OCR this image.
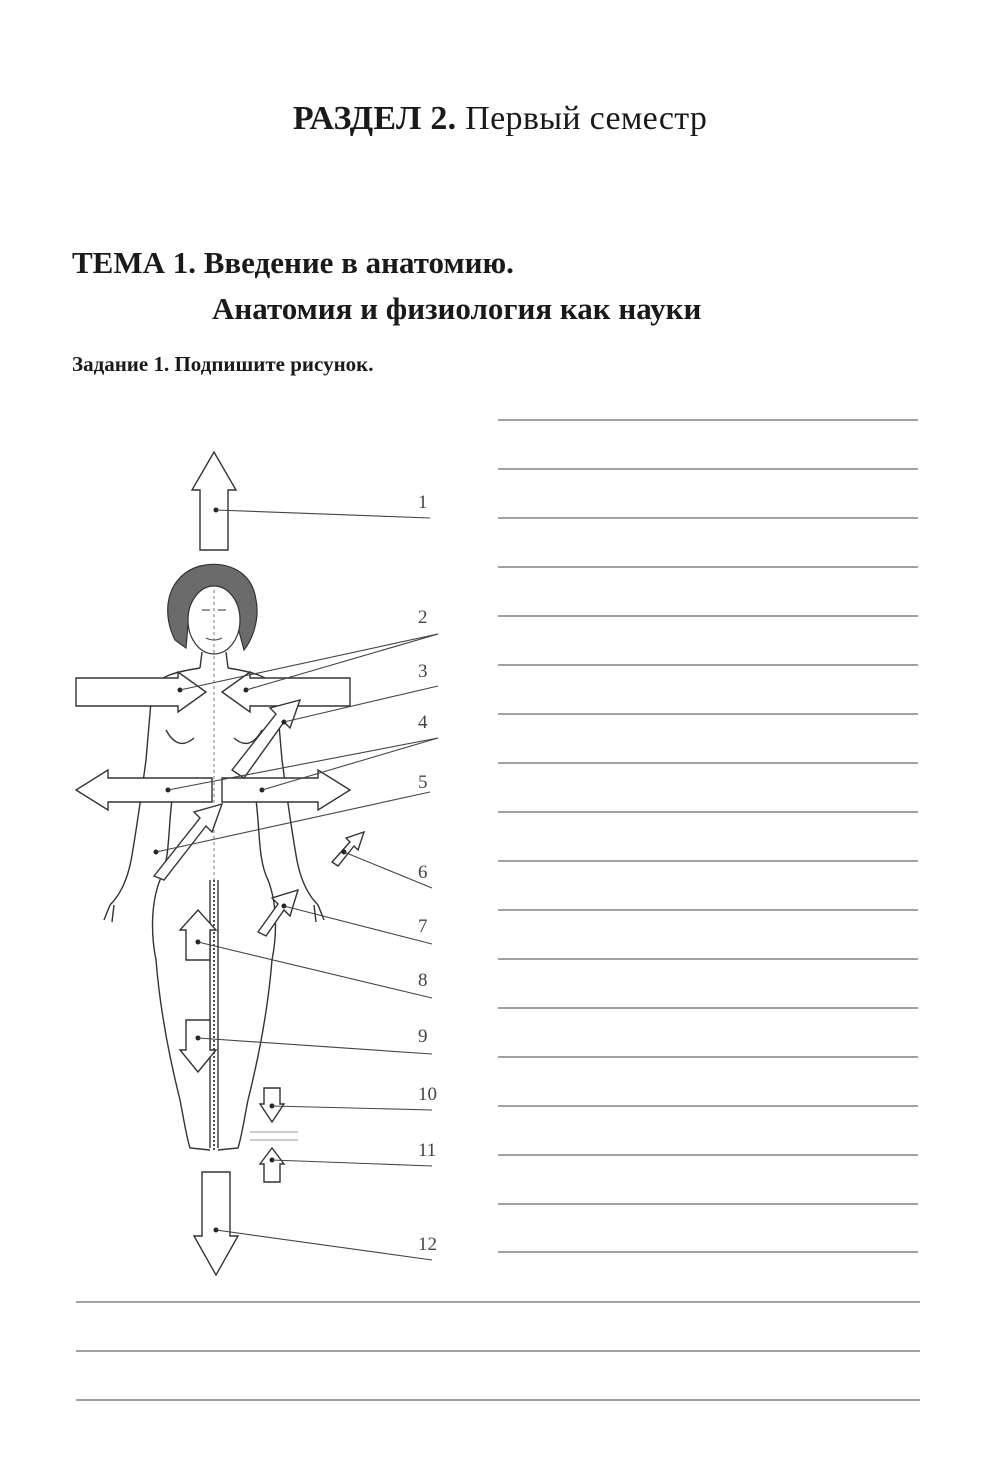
РАЗДЕЛ 2. Первый семестр
ТЕМА 1. Введение в анатомию.
Анатомия и физиология как науки
Задание 1. Подпишите рисунок.
1
2
3
4
5
6
7
8
9
10
11
12
